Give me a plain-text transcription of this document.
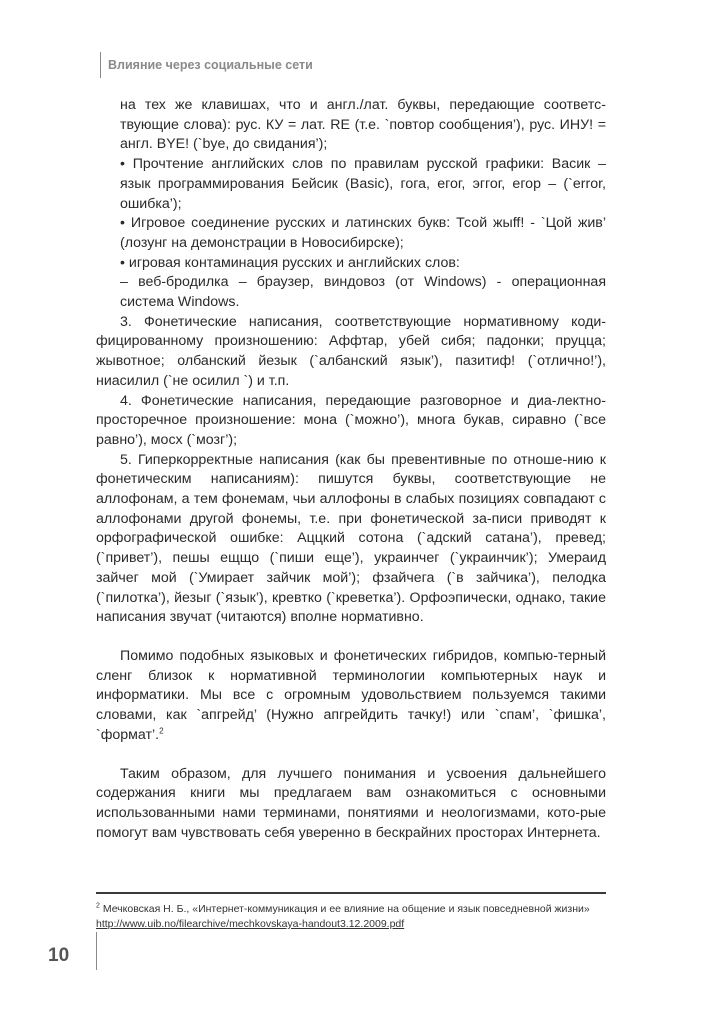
Влияние через социальные сети

на тех же клавишах, что и англ./лат. буквы, передающие соответс-твующие слова): рус. КУ = лат. RE (т.е. `повтор сообщения’), рус. ИНУ! = англ. BYE! (`bye, до свидания’);

• Прочтение английских слов по правилам русской графики: Васик – язык программирования Бейсик (Basic), гога, егог, эггог, егор – (`error, ошибка’);

• Игровое соединение русских и латинских букв: Тсой жыff! - `Цой жив’ (лозунг на демонстрации в Новосибирске);

• игровая контаминация русских и английских слов:

– веб-бродилка – браузер, виндовоз (от Windows) - операционная система Windows.

3. Фонетические написания, соответствующие нормативному коди-фицированному произношению: Аффтар, убей сибя; падонки; пруцца; жывотное; олбанский йезык (`албанский язык’), пазитиф! (`отлично!’), ниасилил (`не осилил `) и т.п.

4. Фонетические написания, передающие разговорное и диа-лектно-просторечное произношение: мона (`можно’), многа букав, сиравно (`все равно’), мосх (`мозг’);

5. Гиперкорректные написания (как бы превентивные по отноше-нию к фонетическим написаниям): пишутся буквы, соответствующие не аллофонам, а тем фонемам, чьи аллофоны в слабых позициях совпадают с аллофонами другой фонемы, т.е. при фонетической за-писи приводят к орфографической ошибке: Аццкий сотона (`адский сатана’), превед; (`привет’), пешы ещщо (`пиши еще’), украинчег (`украинчик’); Умераид зайчег мой (`Умирает зайчик мой’); фзайчега (`в зайчика’), пелодка (`пилотка’), йезыг (`язык’), кревтко (`креветка’). Орфоэпически, однако, такие написания звучат (читаются) вполне нормативно.

Помимо подобных языковых и фонетических гибридов, компью-терный сленг близок к нормативной терминологии компьютерных наук и информатики. Мы все с огромным удовольствием пользуемся такими словами, как `апгрейд’ (Нужно апгрейдить тачку!) или `спам’, `фишка’, `формат’.$^2$

Таким образом, для лучшего понимания и усвоения дальнейшего содержания книги мы предлагаем вам ознакомиться с основными использованными нами терминами, понятиями и неологизмами, кото-рые помогут вам чувствовать себя уверенно в бескрайних просторах Интернета.

$^2$ Мечковская Н. Б., «Интернет-коммуникация и ее влияние на общение и язык повседневной жизни» http://www.uib.no/filearchive/mechkovskaya-handout3.12.2009.pdf
10
